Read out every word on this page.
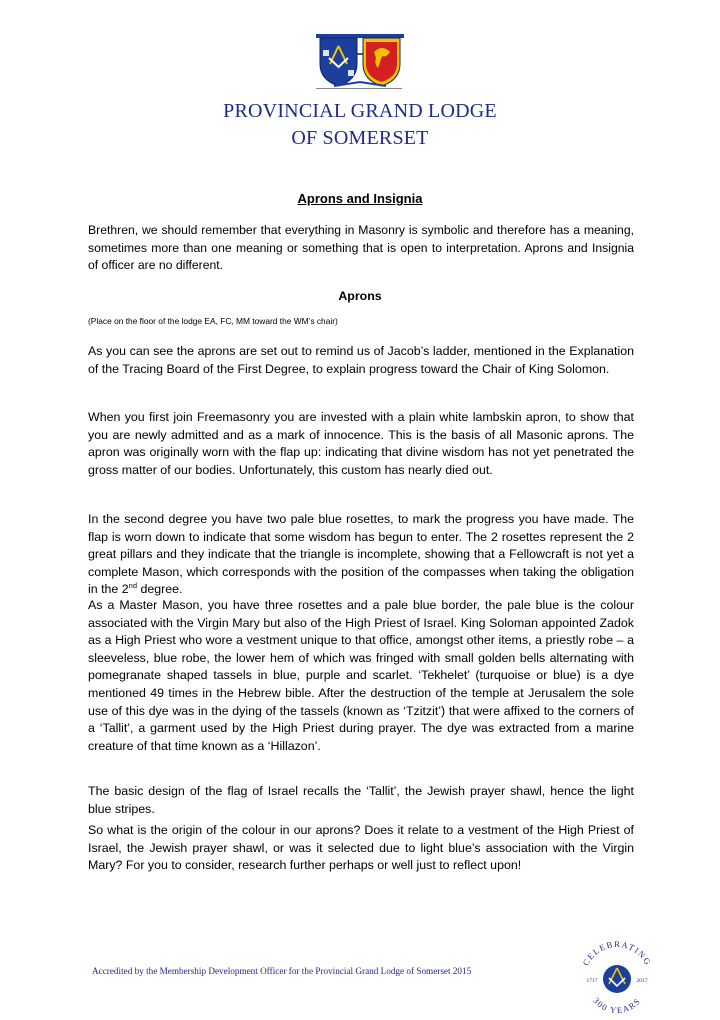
PROVINCIAL GRAND LODGE
OF SOMERSET
Aprons and Insignia
Brethren, we should remember that everything in Masonry is symbolic and therefore has a meaning, sometimes more than one meaning or something that is open to interpretation. Aprons and Insignia of officer are no different.
Aprons
(Place on the floor of the lodge EA, FC, MM toward the WM’s chair)
As you can see the aprons are set out to remind us of Jacob’s ladder, mentioned in the Explanation of the Tracing Board of the First Degree, to explain progress toward the Chair of King Solomon.
When you first join Freemasonry you are invested with a plain white lambskin apron, to show that you are newly admitted and as a mark of innocence. This is the basis of all Masonic aprons. The apron was originally worn with the flap up: indicating that divine wisdom has not yet penetrated the gross matter of our bodies. Unfortunately, this custom has nearly died out.
In the second degree you have two pale blue rosettes, to mark the progress you have made. The flap is worn down to indicate that some wisdom has begun to enter. The 2 rosettes represent the 2 great pillars and they indicate that the triangle is incomplete, showing that a Fellowcraft is not yet a complete Mason, which corresponds with the position of the compasses when taking the obligation in the 2nd degree.
As a Master Mason, you have three rosettes and a pale blue border, the pale blue is the colour associated with the Virgin Mary but also of the High Priest of Israel. King Soloman appointed Zadok as a High Priest who wore a vestment unique to that office, amongst other items, a priestly robe – a sleeveless, blue robe, the lower hem of which was fringed with small golden bells alternating with pomegranate shaped tassels in blue, purple and scarlet. ‘Tekhelet’ (turquoise or blue) is a dye mentioned 49 times in the Hebrew bible. After the destruction of the temple at Jerusalem the sole use of this dye was in the dying of the tassels (known as ‘Tzitzit’) that were affixed to the corners of a ‘Tallit’, a garment used by the High Priest during prayer. The dye was extracted from a marine creature of that time known as a ‘Hillazon’.
The basic design of the flag of Israel recalls the ‘Tallit’, the Jewish prayer shawl, hence the light blue stripes.
So what is the origin of the colour in our aprons? Does it relate to a vestment of the High Priest of Israel, the Jewish prayer shawl, or was it selected due to light blue’s association with the Virgin Mary? For you to consider, research further perhaps or well just to reflect upon!
Accredited by the Membership Development Officer for the Provincial Grand Lodge of Somerset 2015
CELEBRATING
300 YEARS
1717	2017
